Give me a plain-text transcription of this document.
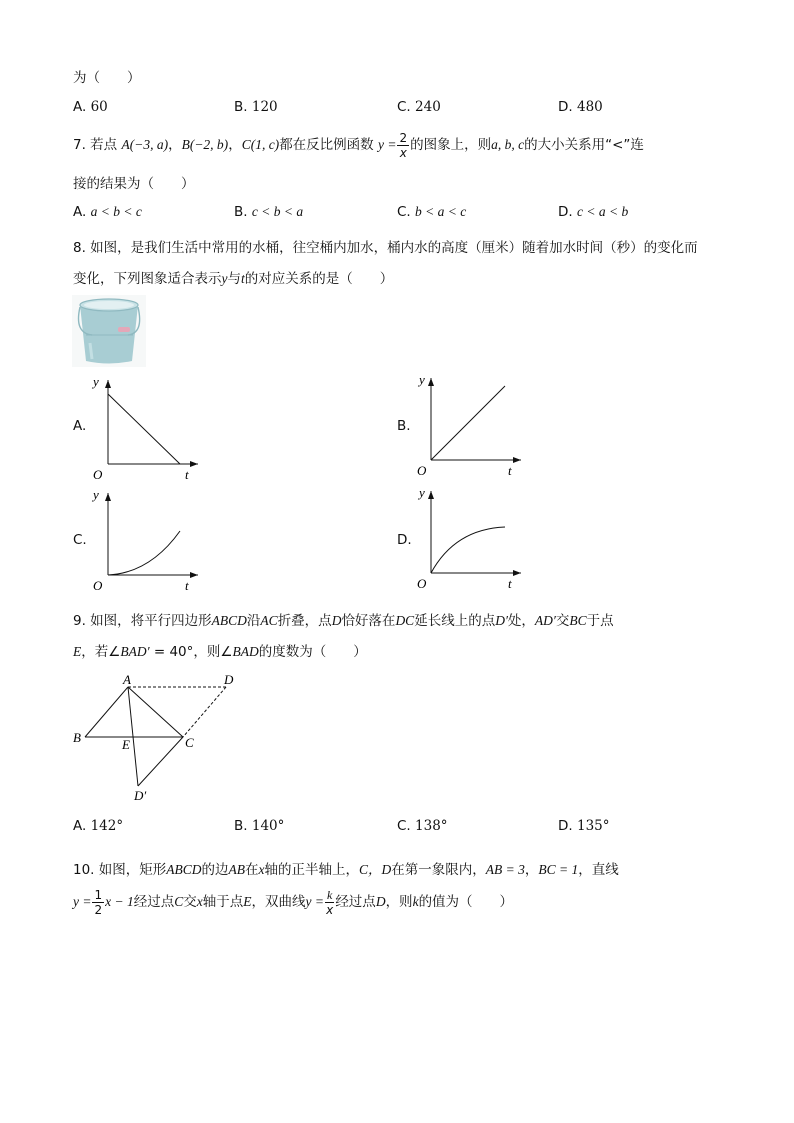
为（　　）
A. 60	B. 120	C. 240	D. 480
7. 若点 A(−3, a)，B(−2, b)，C(1, c)都在反比例函数 $y = \frac{2}{x}$ 的图象上，则a, b, c的大小关系用“<”连
接的结果为（　　）
A. a < b < c	B. c < b < a	C. b < a < c	D. c < a < b
8. 如图，是我们生活中常用的水桶，往空桶内加水，桶内水的高度（厘米）随着加水时间（秒）的变化而
变化，下列图象适合表示y与t的对应关系的是（　　）
A.
y
O	t
B.
y
O	t
C.
y
O	t
D.
y
O	t
9. 如图，将平行四边形ABCD沿AC折叠，点D恰好落在DC延长线上的点D′处，AD′交BC于点
E，若∠BAD′ = 40°，则∠BAD的度数为（　　）
A	D
B	E	C
D′
A. 142°	B. 140°	C. 138°	D. 135°
10. 如图，矩形ABCD的边AB在x轴的正半轴上，C，D在第一象限内，AB = 3，BC = 1，直线
$y = \frac{1}{2}$ x − 1经过点C交x轴于点E，双曲线$y = \frac{k}{x}$ 经过点D，则k的值为（　　）
